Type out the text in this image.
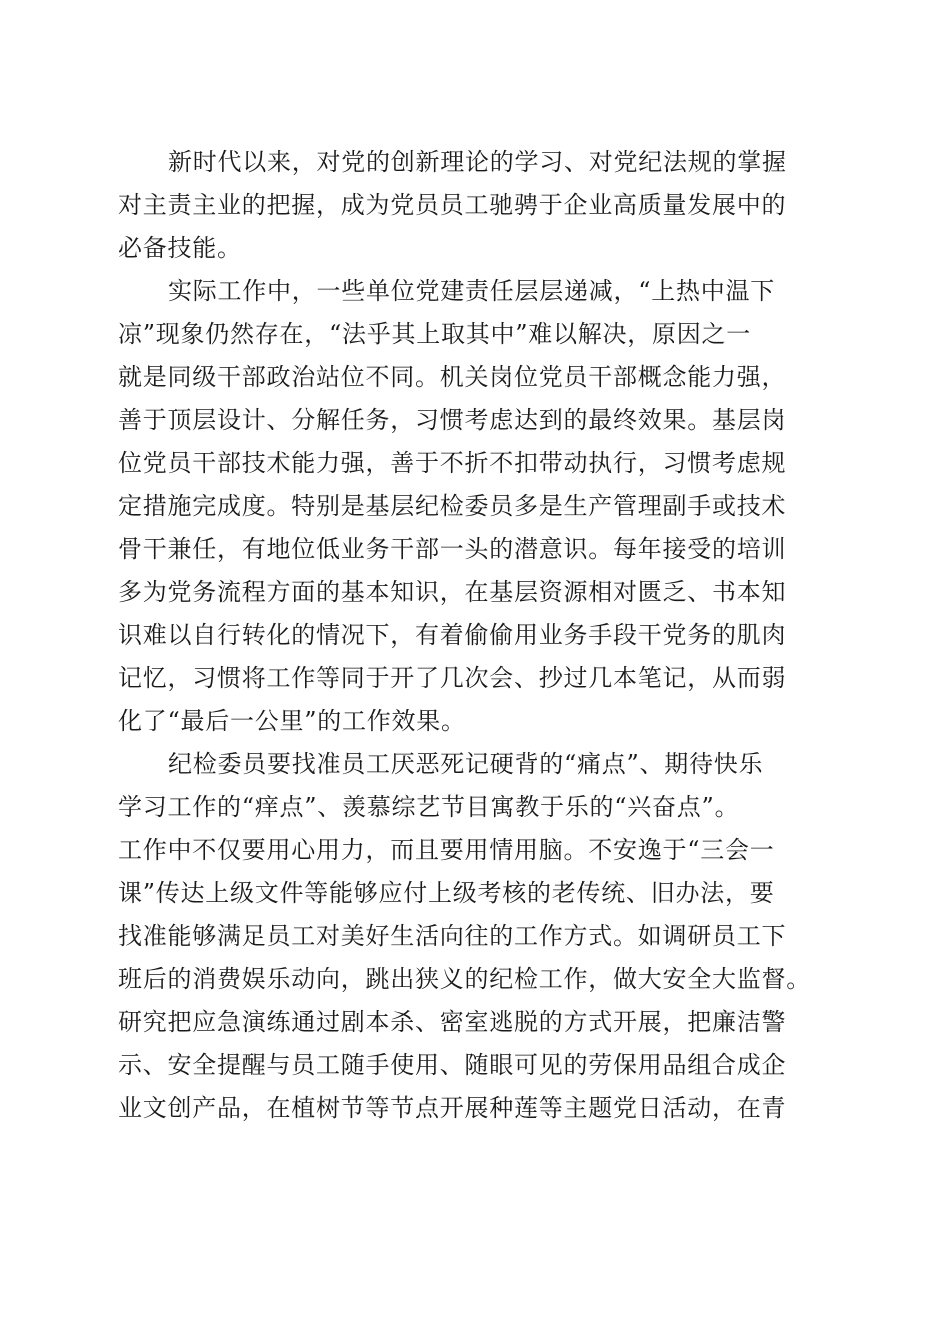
新时代以来，对党的创新理论的学习、对党纪法规的掌握
对主责主业的把握，成为党员员工驰骋于企业高质量发展中的
必备技能。
实际工作中，一些单位党建责任层层递减，“上热中温下
凉”现象仍然存在，“法乎其上取其中”难以解决，原因之一
就是同级干部政治站位不同。机关岗位党员干部概念能力强，
善于顶层设计、分解任务，习惯考虑达到的最终效果。基层岗
位党员干部技术能力强，善于不折不扣带动执行，习惯考虑规
定措施完成度。特别是基层纪检委员多是生产管理副手或技术
骨干兼任，有地位低业务干部一头的潜意识。每年接受的培训
多为党务流程方面的基本知识，在基层资源相对匮乏、书本知
识难以自行转化的情况下，有着偷偷用业务手段干党务的肌肉
记忆，习惯将工作等同于开了几次会、抄过几本笔记，从而弱
化了“最后一公里”的工作效果。
纪检委员要找准员工厌恶死记硬背的“痛点”、期待快乐
学习工作的“痒点”、羡慕综艺节目寓教于乐的“兴奋点”。
工作中不仅要用心用力，而且要用情用脑。不安逸于“三会一
课”传达上级文件等能够应付上级考核的老传统、旧办法，要
找准能够满足员工对美好生活向往的工作方式。如调研员工下
班后的消费娱乐动向，跳出狭义的纪检工作，做大安全大监督。
研究把应急演练通过剧本杀、密室逃脱的方式开展，把廉洁警
示、安全提醒与员工随手使用、随眼可见的劳保用品组合成企
业文创产品，在植树节等节点开展种莲等主题党日活动，在青
